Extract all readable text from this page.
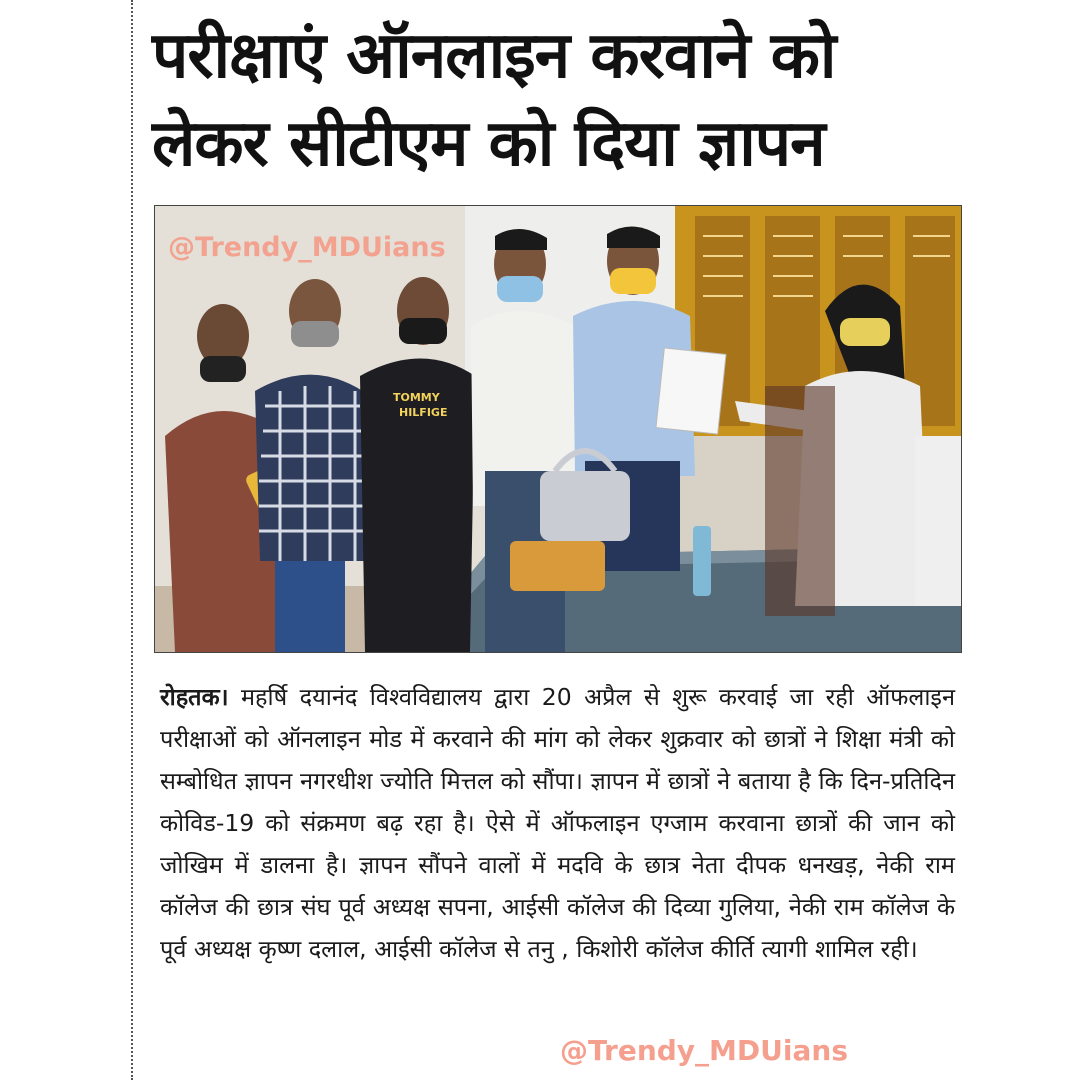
परीक्षाएं ऑनलाइन करवाने को
लेकर सीटीएम को दिया ज्ञापन
TOMMY
HILFIGE
@Trendy_MDUians
रोहतक। महर्षि दयानंद विश्वविद्यालय द्वारा 20 अप्रैल से शुरू करवाई जा रही ऑफलाइन परीक्षाओं को ऑनलाइन मोड में करवाने की मांग को लेकर शुक्रवार को छात्रों ने शिक्षा मंत्री को सम्बोधित ज्ञापन नगरधीश ज्योति मित्तल को सौंपा। ज्ञापन में छात्रों ने बताया है कि दिन-प्रतिदिन कोविड-19 को संक्रमण बढ़ रहा है। ऐसे में ऑफलाइन एग्जाम करवाना छात्रों की जान को जोखिम में डालना है। ज्ञापन सौंपने वालों में मदवि के छात्र नेता दीपक धनखड़, नेकी राम कॉलेज की छात्र संघ पूर्व अध्यक्ष सपना, आईसी कॉलेज की दिव्या गुलिया, नेकी राम कॉलेज के पूर्व अध्यक्ष कृष्ण दलाल, आईसी कॉलेज से तनु , किशोरी कॉलेज कीर्ति त्यागी शामिल रही।
@Trendy_MDUians
